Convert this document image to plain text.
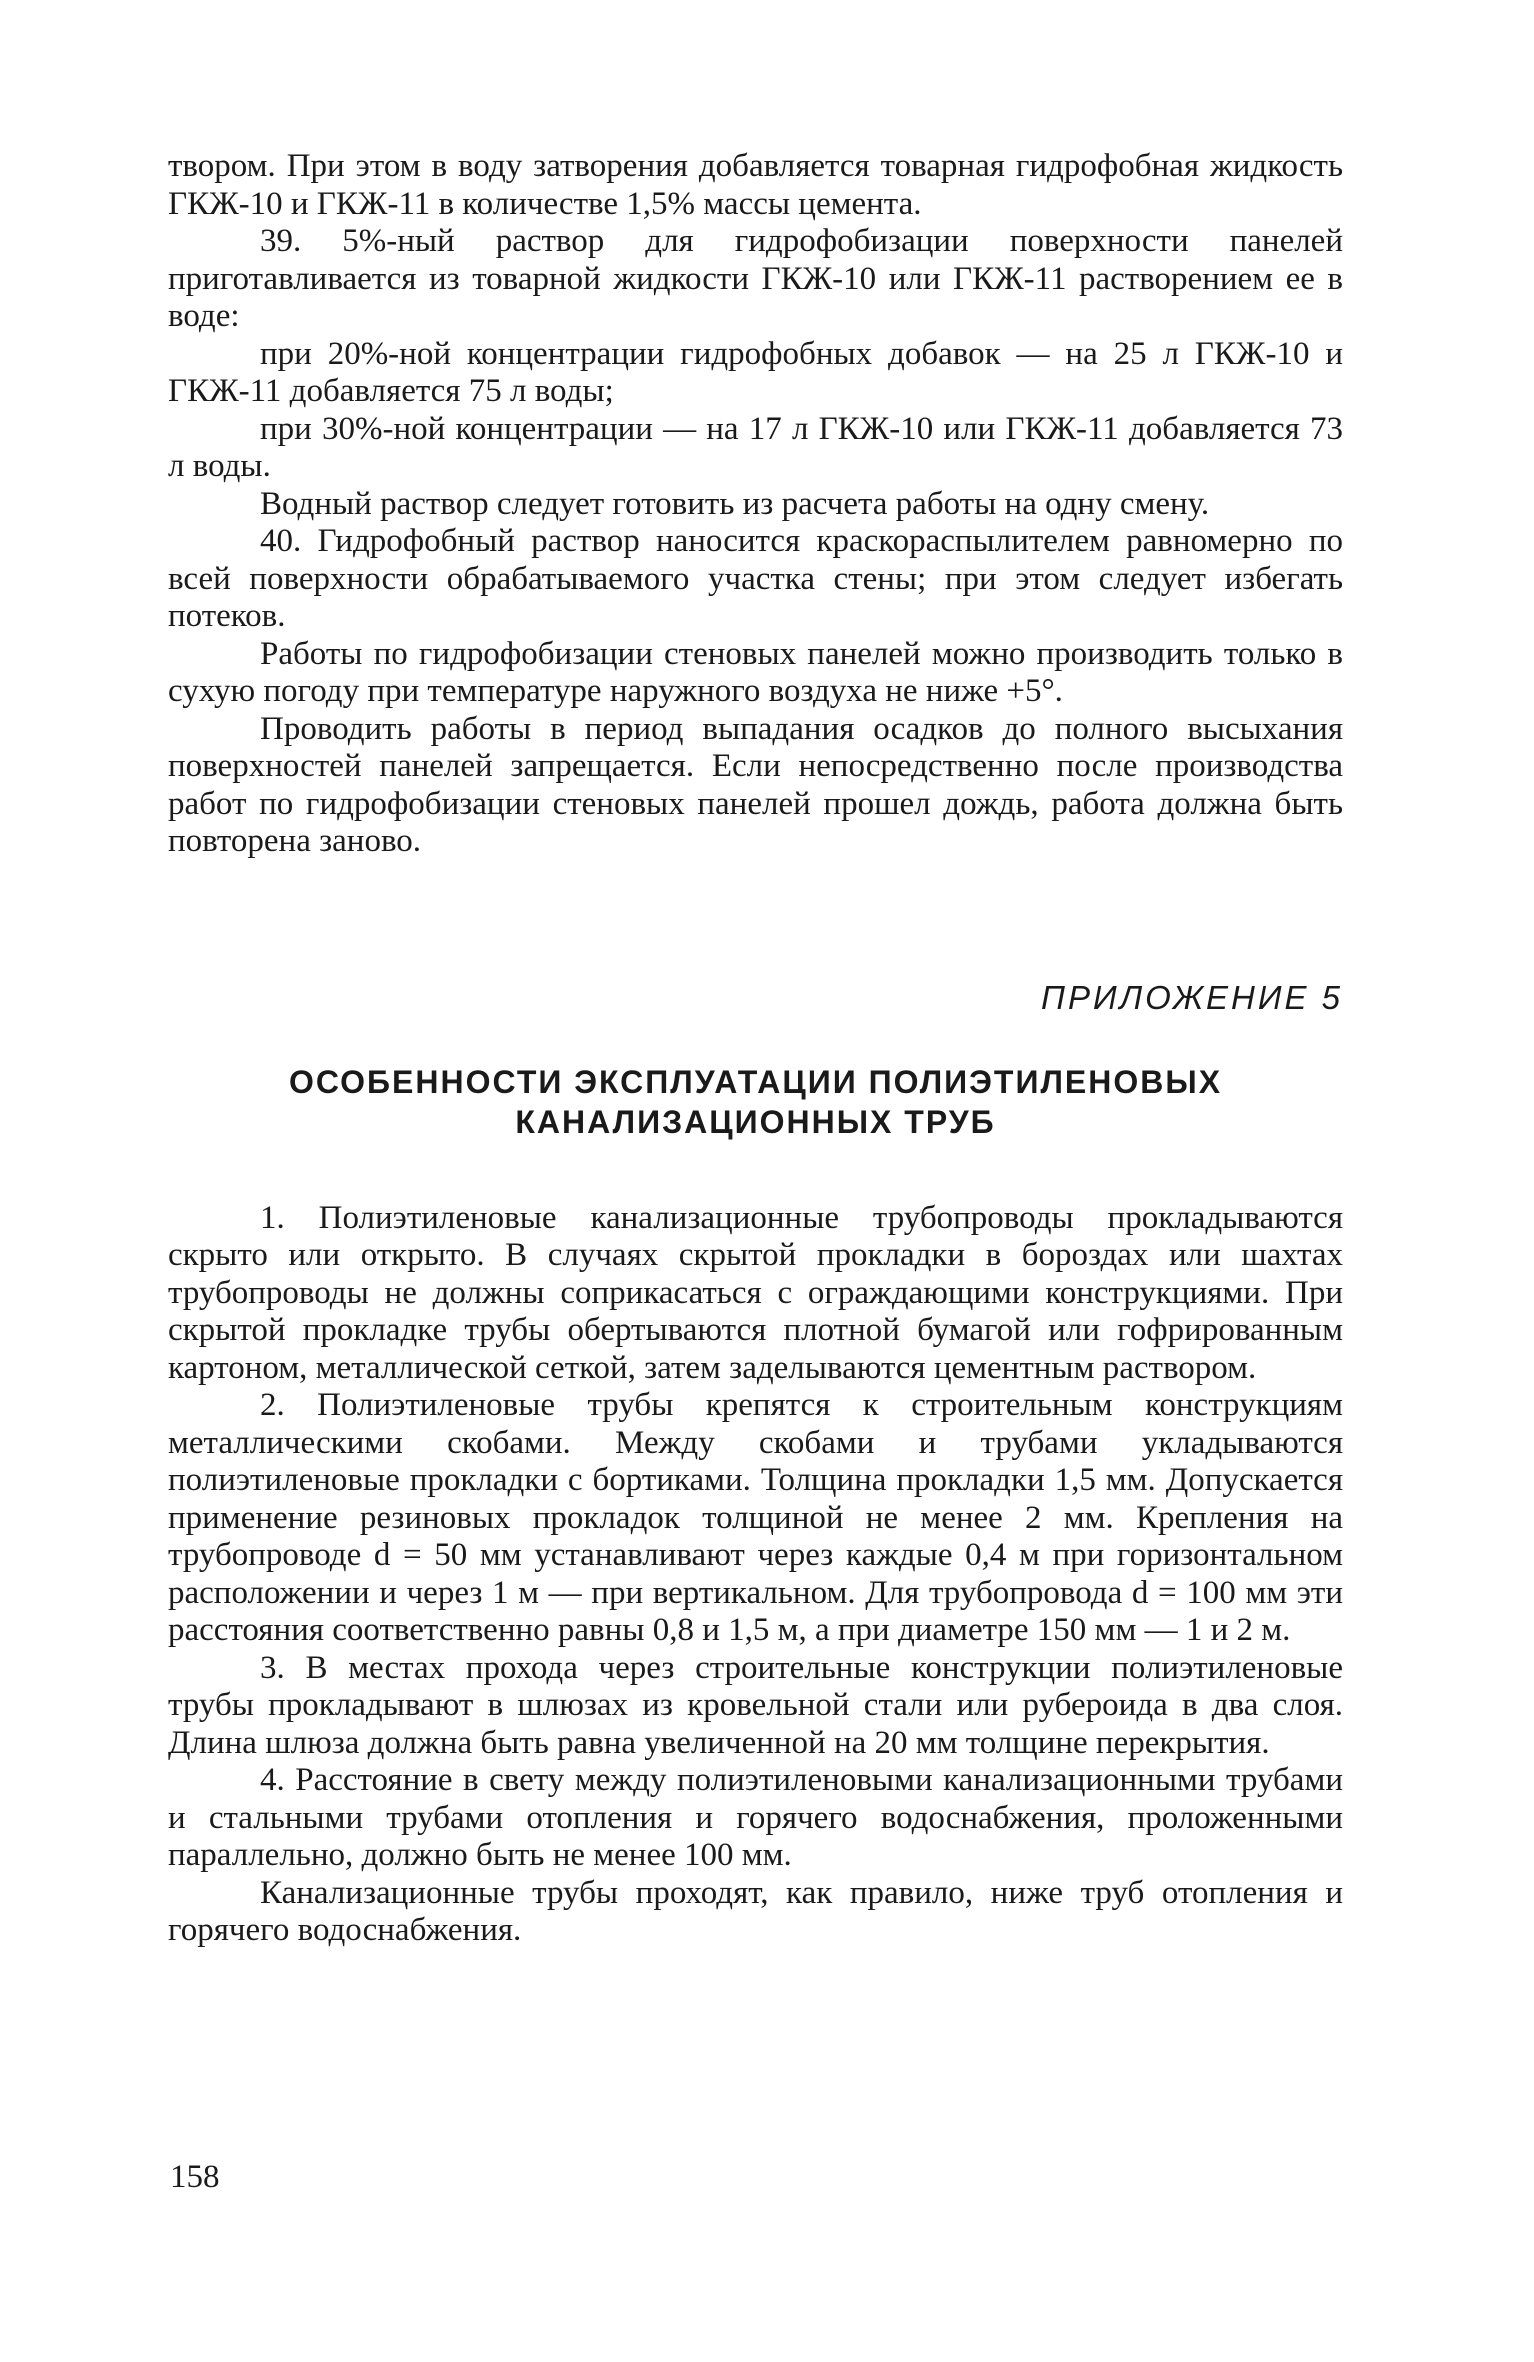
твором. При этом в воду затворения добавляется товарная гидрофобная жидкость ГКЖ-10 и ГКЖ-11 в количестве 1,5% массы цемента.

39. 5%-ный раствор для гидрофобизации поверхности панелей приготавливается из товарной жидкости ГКЖ-10 или ГКЖ-11 растворением ее в воде:

при 20%-ной концентрации гидрофобных добавок — на 25 л ГКЖ-10 и ГКЖ-11 добавляется 75 л воды;

при 30%-ной концентрации — на 17 л ГКЖ-10 или ГКЖ-11 добавляется 73 л воды.

Водный раствор следует готовить из расчета работы на одну смену.

40. Гидрофобный раствор наносится краскораспылителем равномерно по всей поверхности обрабатываемого участка стены; при этом следует избегать потеков.

Работы по гидрофобизации стеновых панелей можно производить только в сухую погоду при температуре наружного воздуха не ниже +5°.

Проводить работы в период выпадания осадков до полного высыхания поверхностей панелей запрещается. Если непосредственно после производства работ по гидрофобизации стеновых панелей прошел дождь, работа должна быть повторена заново.

ПРИЛОЖЕНИЕ 5
ОСОБЕННОСТИ ЭКСПЛУАТАЦИИ ПОЛИЭТИЛЕНОВЫХ
КАНАЛИЗАЦИОННЫХ ТРУБ

1. Полиэтиленовые канализационные трубопроводы прокладываются скрыто или открыто. В случаях скрытой прокладки в бороздах или шахтах трубопроводы не должны соприкасаться с ограждающими конструкциями. При скрытой прокладке трубы обертываются плотной бумагой или гофрированным картоном, металлической сеткой, затем заделываются цементным раствором.

2. Полиэтиленовые трубы крепятся к строительным конструкциям металлическими скобами. Между скобами и трубами укладываются полиэтиленовые прокладки с бортиками. Толщина прокладки 1,5 мм. Допускается применение резиновых прокладок толщиной не менее 2 мм. Крепления на трубопроводе d = 50 мм устанавливают через каждые 0,4 м при горизонтальном расположении и через 1 м — при вертикальном. Для трубопровода d = 100 мм эти расстояния соответственно равны 0,8 и 1,5 м, а при диаметре 150 мм — 1 и 2 м.

3. В местах прохода через строительные конструкции полиэтиленовые трубы прокладывают в шлюзах из кровельной стали или рубероида в два слоя. Длина шлюза должна быть равна увеличенной на 20 мм толщине перекрытия.

4. Расстояние в свету между полиэтиленовыми канализационными трубами и стальными трубами отопления и горячего водоснабжения, проложенными параллельно, должно быть не менее 100 мм.

Канализационные трубы проходят, как правило, ниже труб отопления и горячего водоснабжения.

158
